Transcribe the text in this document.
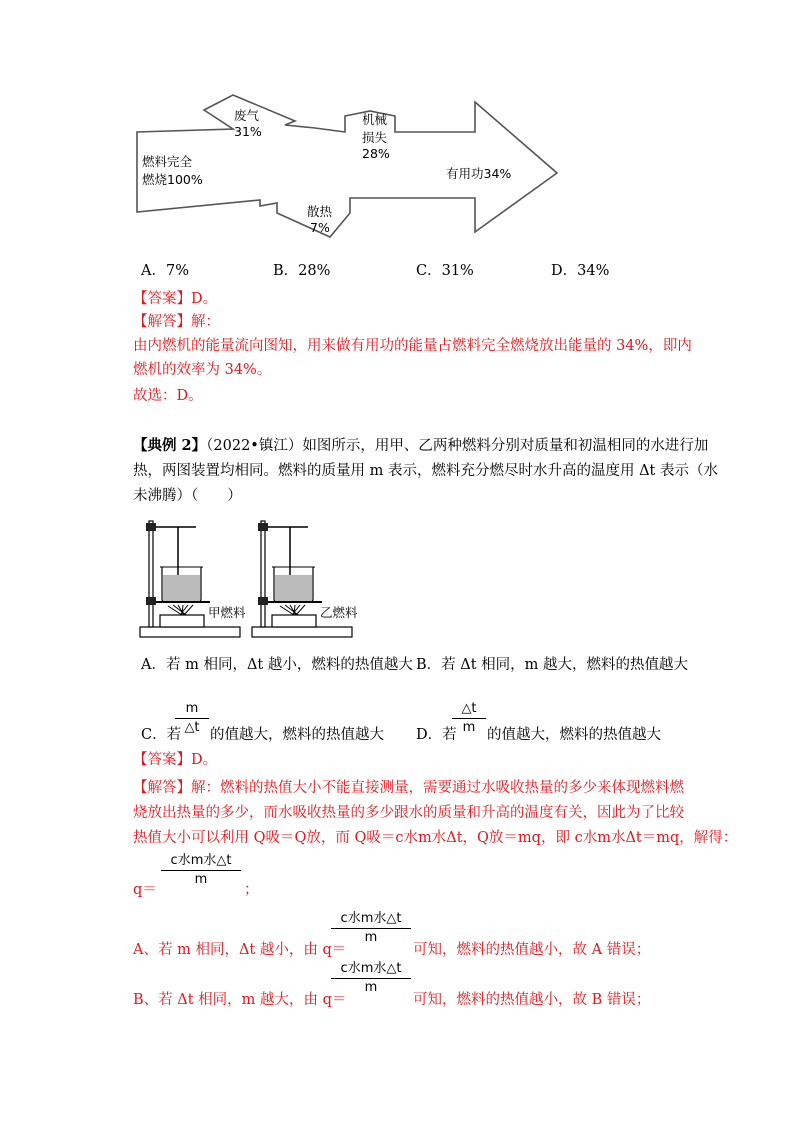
燃料完全
燃烧100%
废气
31%
机械
损失
28%
有用功34%
散热
7%
A．7%	B．28%	C．31%	D．34%
【答案】D。
【解答】解：
由内燃机的能量流向图知，用来做有用功的能量占燃料完全燃烧放出能量的 34%，即内
燃机的效率为 34%。
故选：D。
【典例 2】（2022•镇江）如图所示，用甲、乙两种燃料分别对质量和初温相同的水进行加
热，两图装置均相同。燃料的质量用 m 表示，燃料充分燃尽时水升高的温度用 Δt 表示（水
未沸腾）（　　）
甲燃料	乙燃料
A．若 m 相同，Δt 越小，燃料的热值越大 B．若 Δt 相同，m 越大，燃料的热值越大
C．若
m
△t 的值越大，燃料的热值越大 D．若
△t
m 的值越大，燃料的热值越大
【答案】D。
【解答】解：燃料的热值大小不能直接测量，需要通过水吸收热量的多少来体现燃料燃
烧放出热量的多少，而水吸收热量的多少跟水的质量和升高的温度有关，因此为了比较
热值大小可以利用 Q吸＝Q放，而 Q吸＝c水m水Δt，Q放＝mq，即 c水m水Δt＝mq，解得：
q＝
c水m水△t
m
；
A、若 m 相同，Δt 越小，由 q＝
c水m水△t
m
可知，燃料的热值越小，故 A 错误；
B、若 Δt 相同，m 越大，由 q＝
c水m水△t
m
可知，燃料的热值越小，故 B 错误；
